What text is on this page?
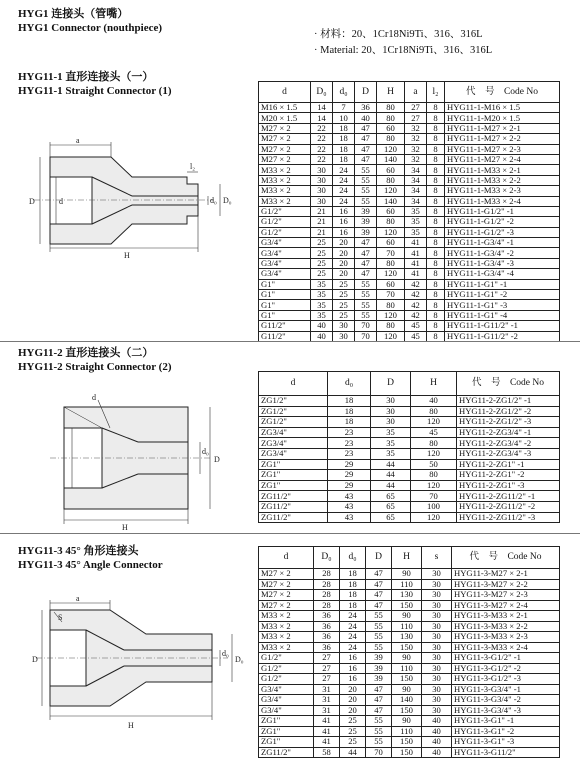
HYG1 连接头（管嘴）
HYG1 Connector (nouthpiece)
· 材料：20、1Cr18Ni9Ti、316、316L
· Material: 20、1Cr18Ni9Ti、316、316L
HYG11-1 直形连接头（一）
HYG11-1 Straight Connector (1)
a
l₂
D	d	d₀ D₀
H
d	D₀	d₀	D	H	a	l₂	代　号　Code No
M16 × 1.5	14	7	36	80	27	8	HYG11-1-M16 × 1.5
M20 × 1.5	14	10	40	80	27	8	HYG11-1-M20 × 1.5
M27 × 2	22	18	47	60	32	8	HYG11-1-M27 × 2-1
M27 × 2	22	18	47	80	32	8	HYG11-1-M27 × 2-2
M27 × 2	22	18	47	120	32	8	HYG11-1-M27 × 2-3
M27 × 2	22	18	47	140	32	8	HYG11-1-M27 × 2-4
M33 × 2	30	24	55	60	34	8	HYG11-1-M33 × 2-1
M33 × 2	30	24	55	80	34	8	HYG11-1-M33 × 2-2
M33 × 2	30	24	55	120	34	8	HYG11-1-M33 × 2-3
M33 × 2	30	24	55	140	34	8	HYG11-1-M33 × 2-4
G1/2"	21	16	39	60	35	8	HYG11-1-G1/2" -1
G1/2"	21	16	39	80	35	8	HYG11-1-G1/2" -2
G1/2"	21	16	39	120	35	8	HYG11-1-G1/2" -3
G3/4"	25	20	47	60	41	8	HYG11-1-G3/4" -1
G3/4"	25	20	47	70	41	8	HYG11-1-G3/4" -2
G3/4"	25	20	47	80	41	8	HYG11-1-G3/4" -3
G3/4"	25	20	47	120	41	8	HYG11-1-G3/4" -4
G1"	35	25	55	60	42	8	HYG11-1-G1" -1
G1"	35	25	55	70	42	8	HYG11-1-G1" -2
G1"	35	25	55	80	42	8	HYG11-1-G1" -3
G1"	35	25	55	120	42	8	HYG11-1-G1" -4
G11/2"	40	30	70	80	45	8	HYG11-1-G11/2" -1
G11/2"	40	30	70	120	45	8	HYG11-1-G11/2" -2
HYG11-2 直形连接头（二）
HYG11-2 Straight Connector (2)
d
D
d₀
H
d	d₀	D	H	代　号　Code No
ZG1/2"	18	30	40	HYG11-2-ZG1/2" -1
ZG1/2"	18	30	80	HYG11-2-ZG1/2" -2
ZG1/2"	18	30	120	HYG11-2-ZG1/2" -3
ZG3/4"	23	35	45	HYG11-2-ZG3/4" -1
ZG3/4"	23	35	80	HYG11-2-ZG3/4" -2
ZG3/4"	23	35	120	HYG11-2-ZG3/4" -3
ZG1"	29	44	50	HYG11-2-ZG1" -1
ZG1"	29	44	80	HYG11-2-ZG1" -2
ZG1"	29	44	120	HYG11-2-ZG1" -3
ZG11/2"	43	65	70	HYG11-2-ZG11/2" -1
ZG11/2"	43	65	100	HYG11-2-ZG11/2" -2
ZG11/2"	43	65	120	HYG11-2-ZG11/2" -3
HYG11-3 45° 角形连接头
HYG11-3 45° Angle Connector
a
S
D
d₀
D₀
H
d	D₀	d₀	D	H	s	代　号　Code No
M27 × 2	28	18	47	90	30	HYG11-3-M27 × 2-1
M27 × 2	28	18	47	110	30	HYG11-3-M27 × 2-2
M27 × 2	28	18	47	130	30	HYG11-3-M27 × 2-3
M27 × 2	28	18	47	150	30	HYG11-3-M27 × 2-4
M33 × 2	36	24	55	90	30	HYG11-3-M33 × 2-1
M33 × 2	36	24	55	110	30	HYG11-3-M33 × 2-2
M33 × 2	36	24	55	130	30	HYG11-3-M33 × 2-3
M33 × 2	36	24	55	150	30	HYG11-3-M33 × 2-4
G1/2"	27	16	39	90	30	HYG11-3-G1/2" -1
G1/2"	27	16	39	110	30	HYG11-3-G1/2" -2
G1/2"	27	16	39	150	30	HYG11-3-G1/2" -3
G3/4"	31	20	47	90	30	HYG11-3-G3/4" -1
G3/4"	31	20	47	140	30	HYG11-3-G3/4" -2
G3/4"	31	20	47	150	30	HYG11-3-G3/4" -3
ZG1"	41	25	55	90	40	HYG11-3-G1" -1
ZG1"	41	25	55	110	40	HYG11-3-G1" -2
ZG1"	41	25	55	150	40	HYG11-3-G1" -3
ZG11/2"	58	44	70	150	40	HYG11-3-G11/2"
